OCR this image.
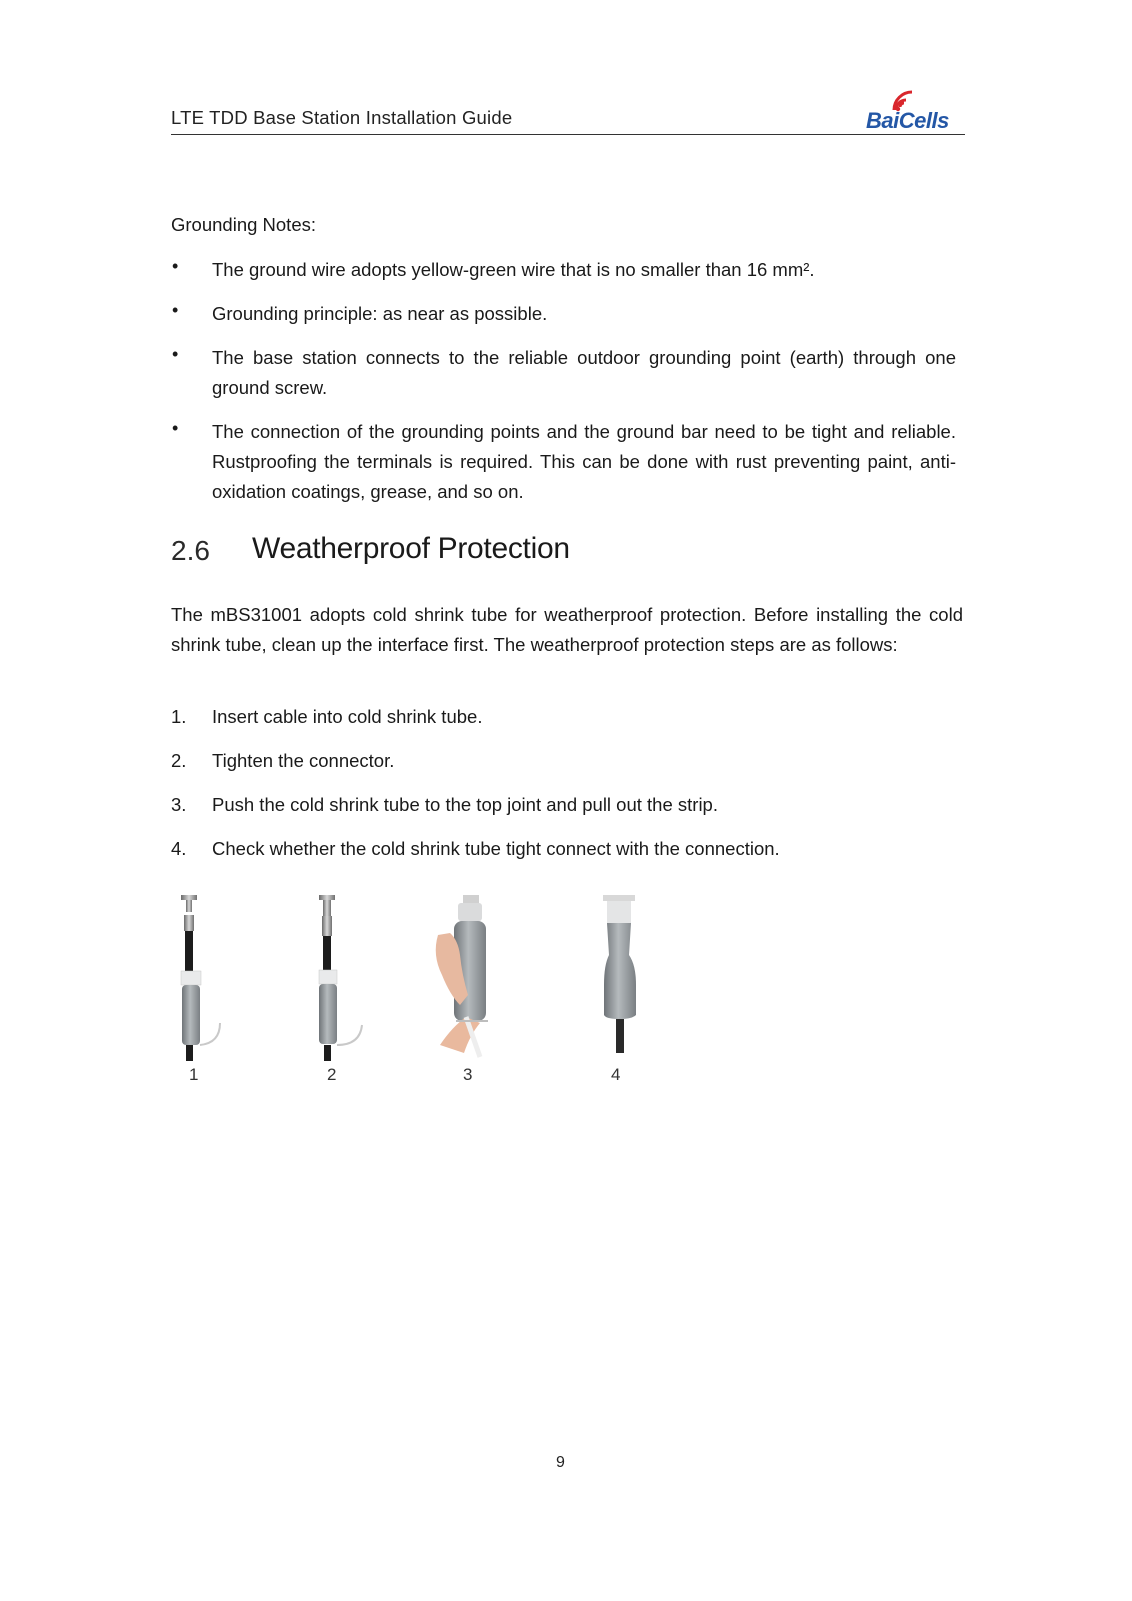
LTE TDD Base Station Installation Guide	BaiCells
Grounding Notes:
• The ground wire adopts yellow-green wire that is no smaller than 16 mm².
• Grounding principle: as near as possible.
• The base station connects to the reliable outdoor grounding point (earth) through one ground screw.
• The connection of the grounding points and the ground bar need to be tight and reliable. Rustproofing the terminals is required. This can be done with rust preventing paint, anti-oxidation coatings, grease, and so on.
2.6 Weatherproof Protection
The mBS31001 adopts cold shrink tube for weatherproof protection. Before installing the cold shrink tube, clean up the interface first. The weatherproof protection steps are as follows:
1. Insert cable into cold shrink tube.
2. Tighten the connector.
3. Push the cold shrink tube to the top joint and pull out the strip.
4. Check whether the cold shrink tube tight connect with the connection.
1	2	3	4
9
